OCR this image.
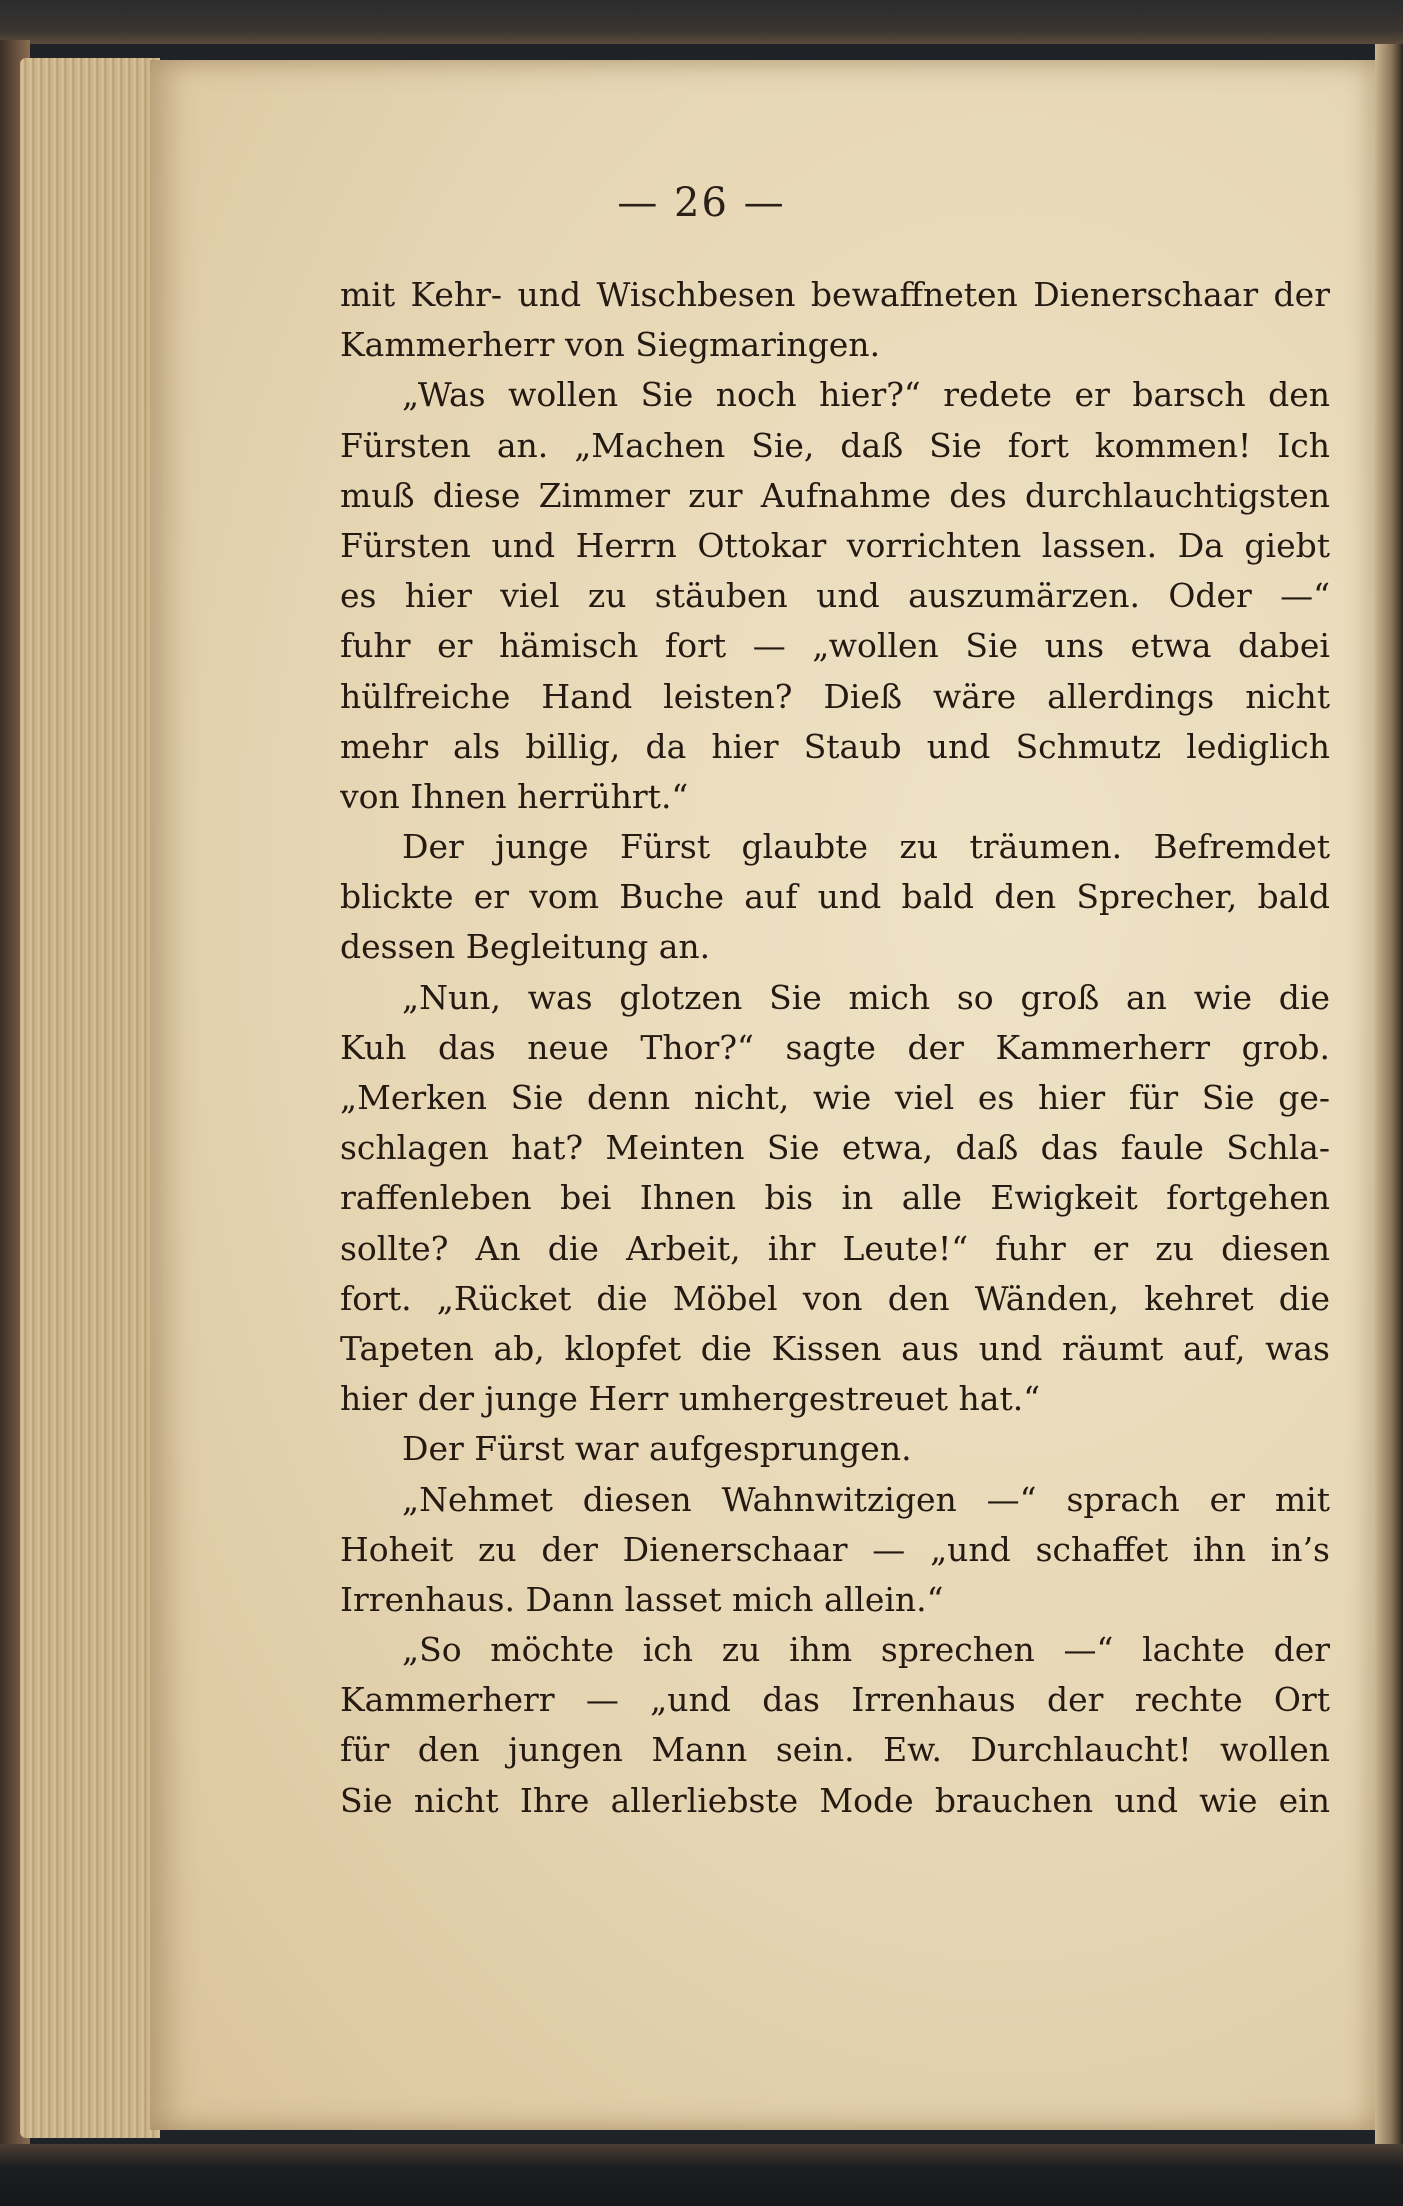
— 26 —
mit Kehr- und Wischbesen bewaffneten Dienerschaar der
Kammerherr von Siegmaringen.
„Was wollen Sie noch hier?“ redete er barsch den
Fürsten an. „Machen Sie, daß Sie fort kommen! Ich
muß diese Zimmer zur Aufnahme des durchlauchtigsten
Fürsten und Herrn Ottokar vorrichten lassen. Da giebt
es hier viel zu stäuben und auszumärzen. Oder —“
fuhr er hämisch fort — „wollen Sie uns etwa dabei
hülfreiche Hand leisten? Dieß wäre allerdings nicht
mehr als billig, da hier Staub und Schmutz lediglich
von Ihnen herrührt.“
Der junge Fürst glaubte zu träumen. Befremdet
blickte er vom Buche auf und bald den Sprecher, bald
dessen Begleitung an.
„Nun, was glotzen Sie mich so groß an wie die
Kuh das neue Thor?“ sagte der Kammerherr grob.
„Merken Sie denn nicht, wie viel es hier für Sie ge-
schlagen hat? Meinten Sie etwa, daß das faule Schla-
raffenleben bei Ihnen bis in alle Ewigkeit fortgehen
sollte? An die Arbeit, ihr Leute!“ fuhr er zu diesen
fort. „Rücket die Möbel von den Wänden, kehret die
Tapeten ab, klopfet die Kissen aus und räumt auf, was
hier der junge Herr umhergestreuet hat.“
Der Fürst war aufgesprungen.
„Nehmet diesen Wahnwitzigen —“ sprach er mit
Hoheit zu der Dienerschaar — „und schaffet ihn in’s
Irrenhaus. Dann lasset mich allein.“
„So möchte ich zu ihm sprechen —“ lachte der
Kammerherr — „und das Irrenhaus der rechte Ort
für den jungen Mann sein. Ew. Durchlaucht! wollen
Sie nicht Ihre allerliebste Mode brauchen und wie ein
